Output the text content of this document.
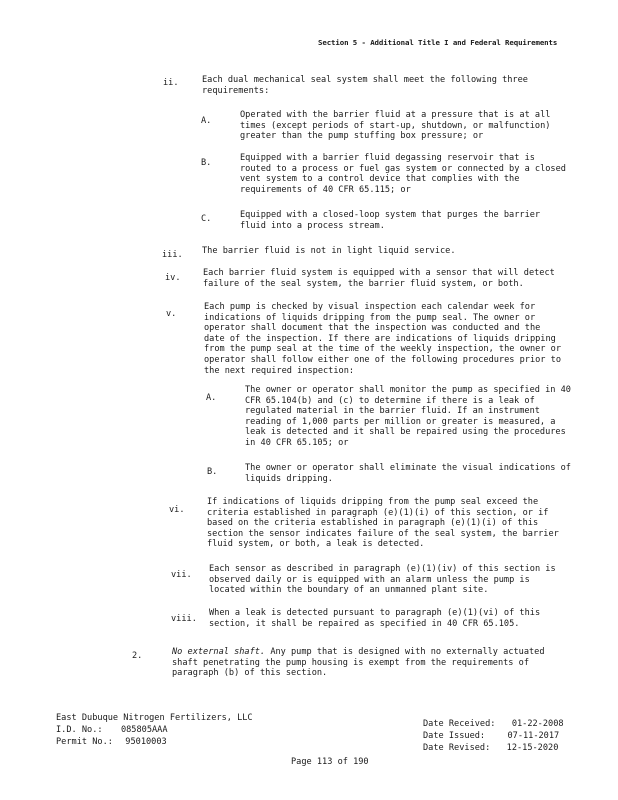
Section 5 - Additional Title I and Federal Requirements
ii.	Each dual mechanical seal system shall meet the following three
requirements:
A.
Operated with the barrier fluid at a pressure that is at all
times (except periods of start-up, shutdown, or malfunction)
greater than the pump stuffing box pressure; or
B.	Equipped with a barrier fluid degassing reservoir that is
routed to a process or fuel gas system or connected by a closed
vent system to a control device that complies with the
requirements of 40 CFR 65.115; or
C.	Equipped with a closed-loop system that purges the barrier
fluid into a process stream.
iii. The barrier fluid is not in light liquid service.
iv.	Each barrier fluid system is equipped with a sensor that will detect
failure of the seal system, the barrier fluid system, or both.
v.
Each pump is checked by visual inspection each calendar week for
indications of liquids dripping from the pump seal. The owner or
operator shall document that the inspection was conducted and the
date of the inspection. If there are indications of liquids dripping
from the pump seal at the time of the weekly inspection, the owner or
operator shall follow either one of the following procedures prior to
the next required inspection:
A.
The owner or operator shall monitor the pump as specified in 40
CFR 65.104(b) and (c) to determine if there is a leak of
regulated material in the barrier fluid. If an instrument
reading of 1,000 parts per million or greater is measured, a
leak is detected and it shall be repaired using the procedures
in 40 CFR 65.105; or
B.	The owner or operator shall eliminate the visual indications of
liquids dripping.
vi.
If indications of liquids dripping from the pump seal exceed the
criteria established in paragraph (e)(1)(i) of this section, or if
based on the criteria established in paragraph (e)(1)(i) of this
section the sensor indicates failure of the seal system, the barrier
fluid system, or both, a leak is detected.
vii.
Each sensor as described in paragraph (e)(1)(iv) of this section is
observed daily or is equipped with an alarm unless the pump is
located within the boundary of an unmanned plant site.
viii.
When a leak is detected pursuant to paragraph (e)(1)(vi) of this
section, it shall be repaired as specified in 40 CFR 65.105.
2.	No external shaft. Any pump that is designed with no externally actuated
shaft penetrating the pump housing is exempt from the requirements of
paragraph (b) of this section.
East Dubuque Nitrogen Fertilizers, LLC
I.D. No.: 085805AAA
Permit No.: 95010003
Date Received: 01-22-2008
Date Issued:	07-11-2017
Date Revised: 12-15-2020
Page 113 of 190
